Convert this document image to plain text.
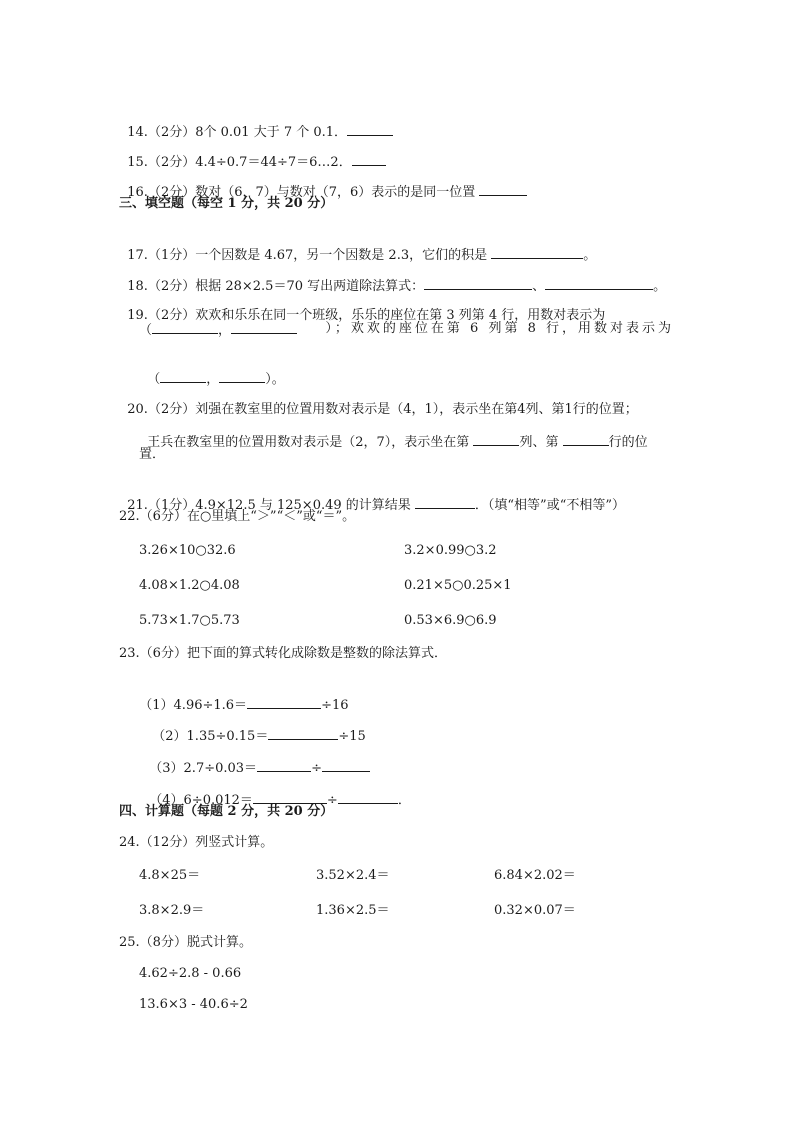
14.（2分）8个 0.01 大于 7 个 0.1．

15.（2分）4.4÷0.7＝44÷7＝6…2．

16.（2分）数对（6，7）与数对（7，6）表示的是同一位置

三、填空题（每空 1 分，共 20 分）

17.（1分）一个因数是 4.67，另一个因数是 2.3，它们的积是	。

18.（2分）根据 28×2.5＝70 写出两道除法算式：	、	。

19.（2分）欢欢和乐乐在同一个班级，乐乐的座位在第 3 列第 4 行，用数对表示为

（	，	）；欢欢的座位在第 6 列第 8 行，用数对表示为

（	，	）。

20.（2分）刘强在教室里的位置用数对表示是（4，1），表示坐在第4列、第1行的位置；

王兵在教室里的位置用数对表示是（2，7），表示坐在第	列、第	行的位

置．

21.（1分）4.9×12.5 与 125×0.49 的计算结果	．（填“相等”或“不相等”）

22.（6分）在○里填上“＞”“＜”或“＝”。
3.26×10○32.6	3.2×0.99○3.2
4.08×1.2○4.08	0.21×5○0.25×1
5.73×1.7○5.73	0.53×6.9○6.9
23.（6分）把下面的算式转化成除数是整数的除法算式．

（1）4.96÷1.6＝	÷16

（2）1.35÷0.15＝	÷15

（3）2.7÷0.03＝	÷

（4）6÷0.012＝	÷	．

四、计算题（每题 2 分，共 20 分）
24.（12分）列竖式计算。
4.8×25＝	3.52×2.4＝	6.84×2.02＝
3.8×2.9＝	1.36×2.5＝	0.32×0.07＝
25.（8分）脱式计算。
4.62÷2.8 - 0.66
13.6×3 - 40.6÷2
